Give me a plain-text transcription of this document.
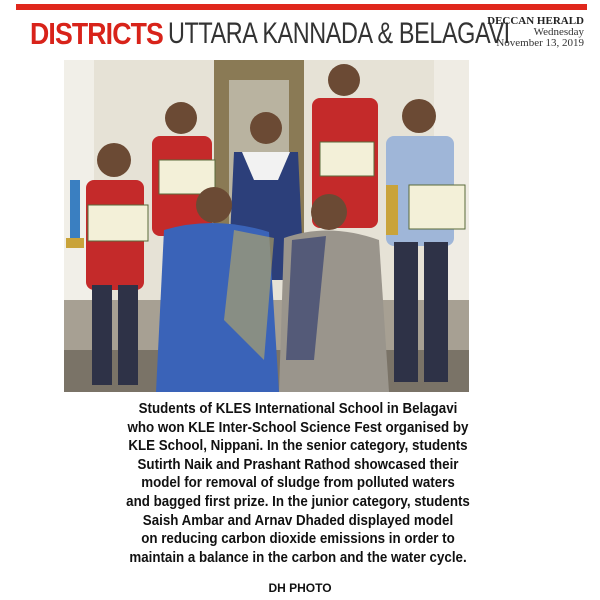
DISTRICTS UTTARA KANNADA & BELAGAVI
DECCAN HERALD
Wednesday
November 13, 2019
Students of KLES International School in Belagavi
who won KLE Inter-School Science Fest organised by
KLE School, Nippani. In the senior category, students
Sutirth Naik and Prashant Rathod showcased their
model for removal of sludge from polluted waters
and bagged first prize. In the junior category, students
Saish Ambar and Arnav Dhaded displayed model
on reducing carbon dioxide emissions in order to
maintain a balance in the carbon and the water cycle.
DH PHOTO
